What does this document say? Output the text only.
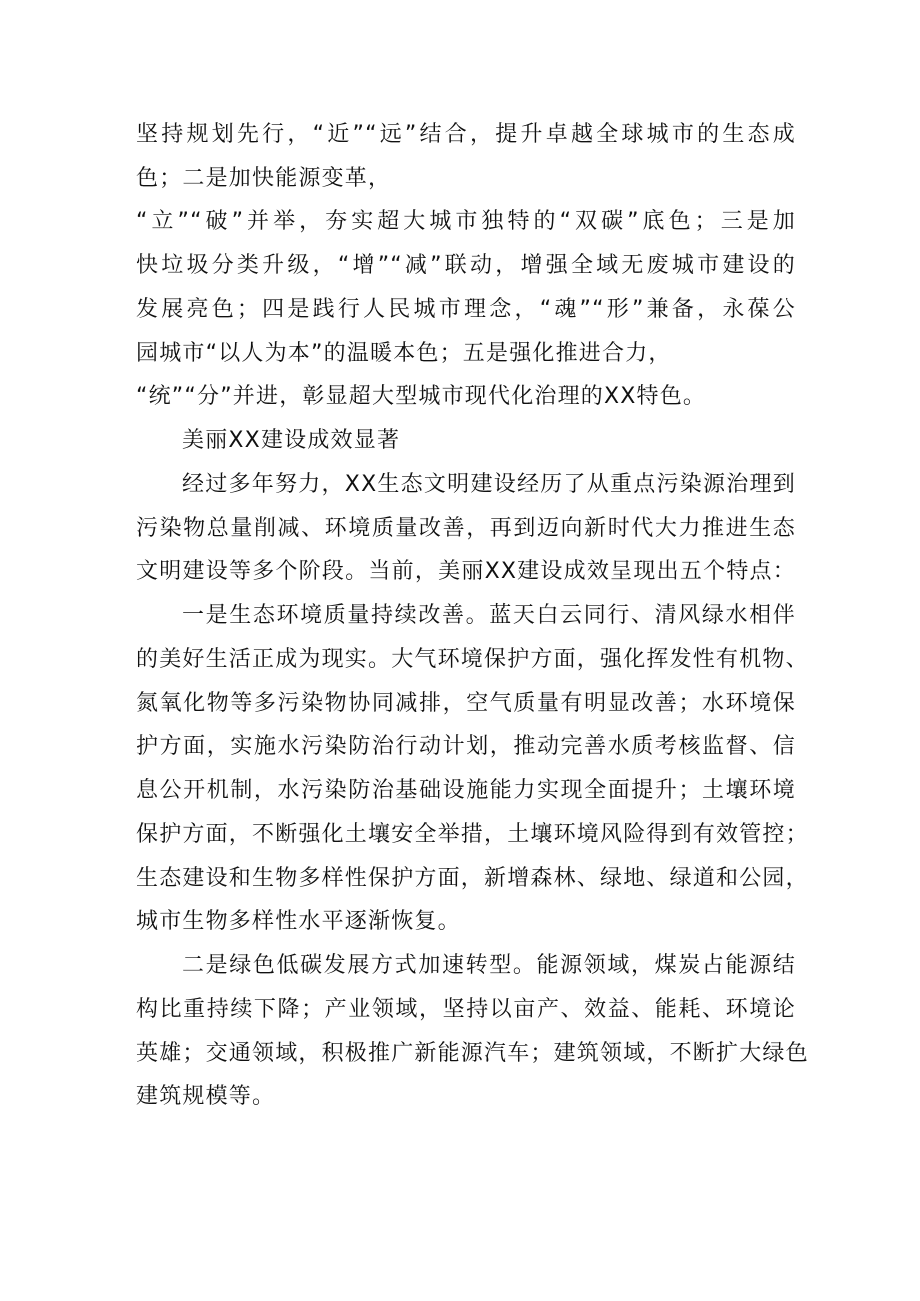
坚持规划先行，“近”“远”结合，提升卓越全球城市的生态成
色；二是加快能源变革，
“立”“破”并举，夯实超大城市独特的“双碳”底色；三是加
快垃圾分类升级，“增”“减”联动，增强全域无废城市建设的
发展亮色；四是践行人民城市理念，“魂”“形”兼备，永葆公
园城市“以人为本”的温暖本色；五是强化推进合力，
“统”“分”并进，彰显超大型城市现代化治理的XX特色。
美丽XX建设成效显著
经过多年努力，XX生态文明建设经历了从重点污染源治理到
污染物总量削减、环境质量改善，再到迈向新时代大力推进生态
文明建设等多个阶段。当前，美丽XX建设成效呈现出五个特点：
一是生态环境质量持续改善。蓝天白云同行、清风绿水相伴
的美好生活正成为现实。大气环境保护方面，强化挥发性有机物、
氮氧化物等多污染物协同减排，空气质量有明显改善；水环境保
护方面，实施水污染防治行动计划，推动完善水质考核监督、信
息公开机制，水污染防治基础设施能力实现全面提升；土壤环境
保护方面，不断强化土壤安全举措，土壤环境风险得到有效管控；
生态建设和生物多样性保护方面，新增森林、绿地、绿道和公园，
城市生物多样性水平逐渐恢复。
二是绿色低碳发展方式加速转型。能源领域，煤炭占能源结
构比重持续下降；产业领域，坚持以亩产、效益、能耗、环境论
英雄；交通领域，积极推广新能源汽车；建筑领域，不断扩大绿色
建筑规模等。
